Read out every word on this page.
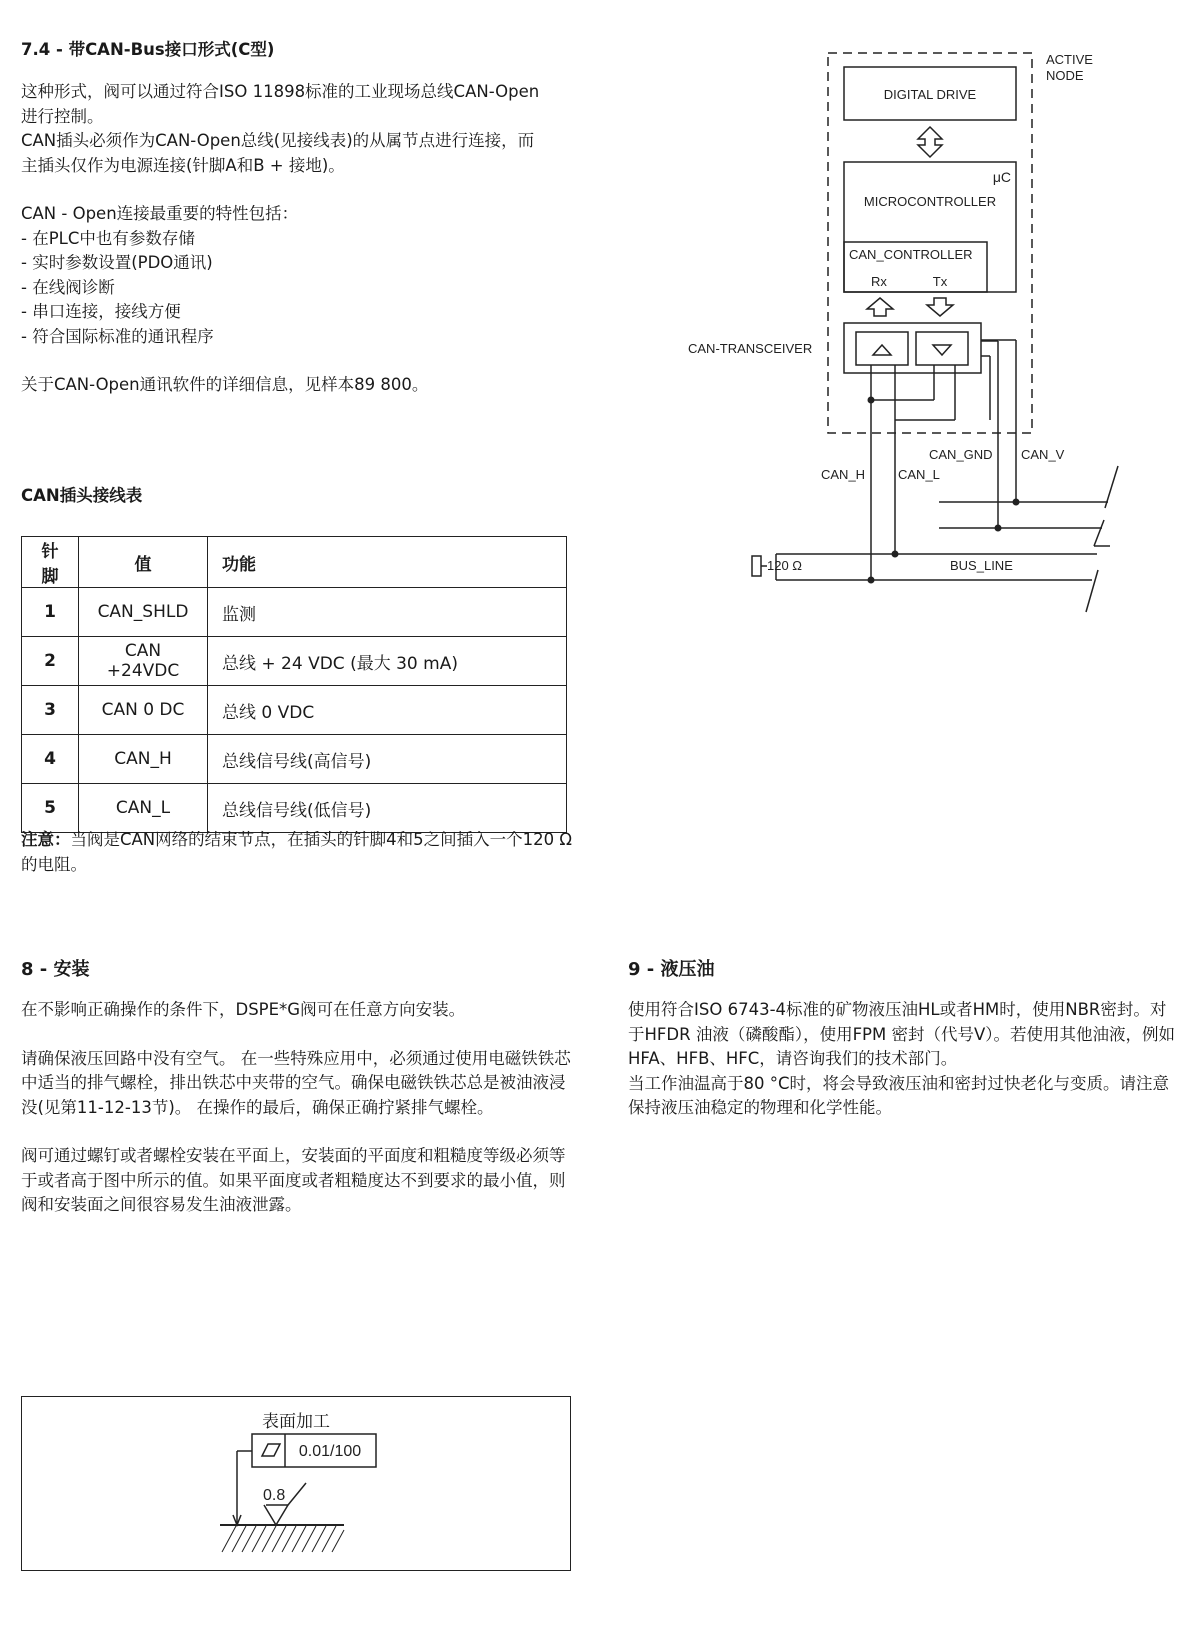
7.4 - 带CAN-Bus接口形式(C型)

这种形式，阀可以通过符合ISO 11898标准的工业现场总线CAN-Open进行控制。

CAN插头必须作为CAN-Open总线(见接线表)的从属节点进行连接，而主插头仅作为电源连接(针脚A和B + 接地)。

CAN - Open连接最重要的特性包括：

- 在PLC中也有参数存储

- 实时参数设置(PDO通讯)

- 在线阀诊断

- 串口连接，接线方便

- 符合国际标准的通讯程序

关于CAN-Open通讯软件的详细信息，见样本89 800。

CAN插头接线表
针脚	值	功能
1	CAN_SHLD	监测
2	CAN +24VDC	总线 + 24 VDC (最大 30 mA)
3	CAN 0 DC	总线 0 VDC
4	CAN_H	总线信号线(高信号)
5	CAN_L	总线信号线(低信号)

注意：当阀是CAN网络的结束节点，在插头的针脚4和5之间插入一个120 Ω的电阻。

ACTIVE
NODE
DIGITAL DRIVE
μC
MICROCONTROLLER
CAN_CONTROLLER
Rx	Tx
CAN-TRANSCEIVER
CAN_GND CAN_V
CAN_H	CAN_L
120 Ω	BUS_LINE
8 - 安装

在不影响正确操作的条件下，DSPE*G阀可在任意方向安装。

请确保液压回路中没有空气。 在一些特殊应用中，必须通过使用电磁铁铁芯中适当的排气螺栓，排出铁芯中夹带的空气。确保电磁铁铁芯总是被油液浸没(见第11-12-13节)。 在操作的最后，确保正确拧紧排气螺栓。

阀可通过螺钉或者螺栓安装在平面上，安装面的平面度和粗糙度等级必须等于或者高于图中所示的值。如果平面度或者粗糙度达不到要求的最小值，则阀和安装面之间很容易发生油液泄露。

9 - 液压油

使用符合ISO 6743-4标准的矿物液压油HL或者HM时，使用NBR密封。对于HFDR 油液（磷酸酯），使用FPM 密封（代号V）。若使用其他油液，例如HFA、HFB、HFC，请咨询我们的技术部门。

当工作油温高于80 °C时，将会导致液压油和密封过快老化与变质。请注意保持液压油稳定的物理和化学性能。

表面加工
0.01/100
0.8
